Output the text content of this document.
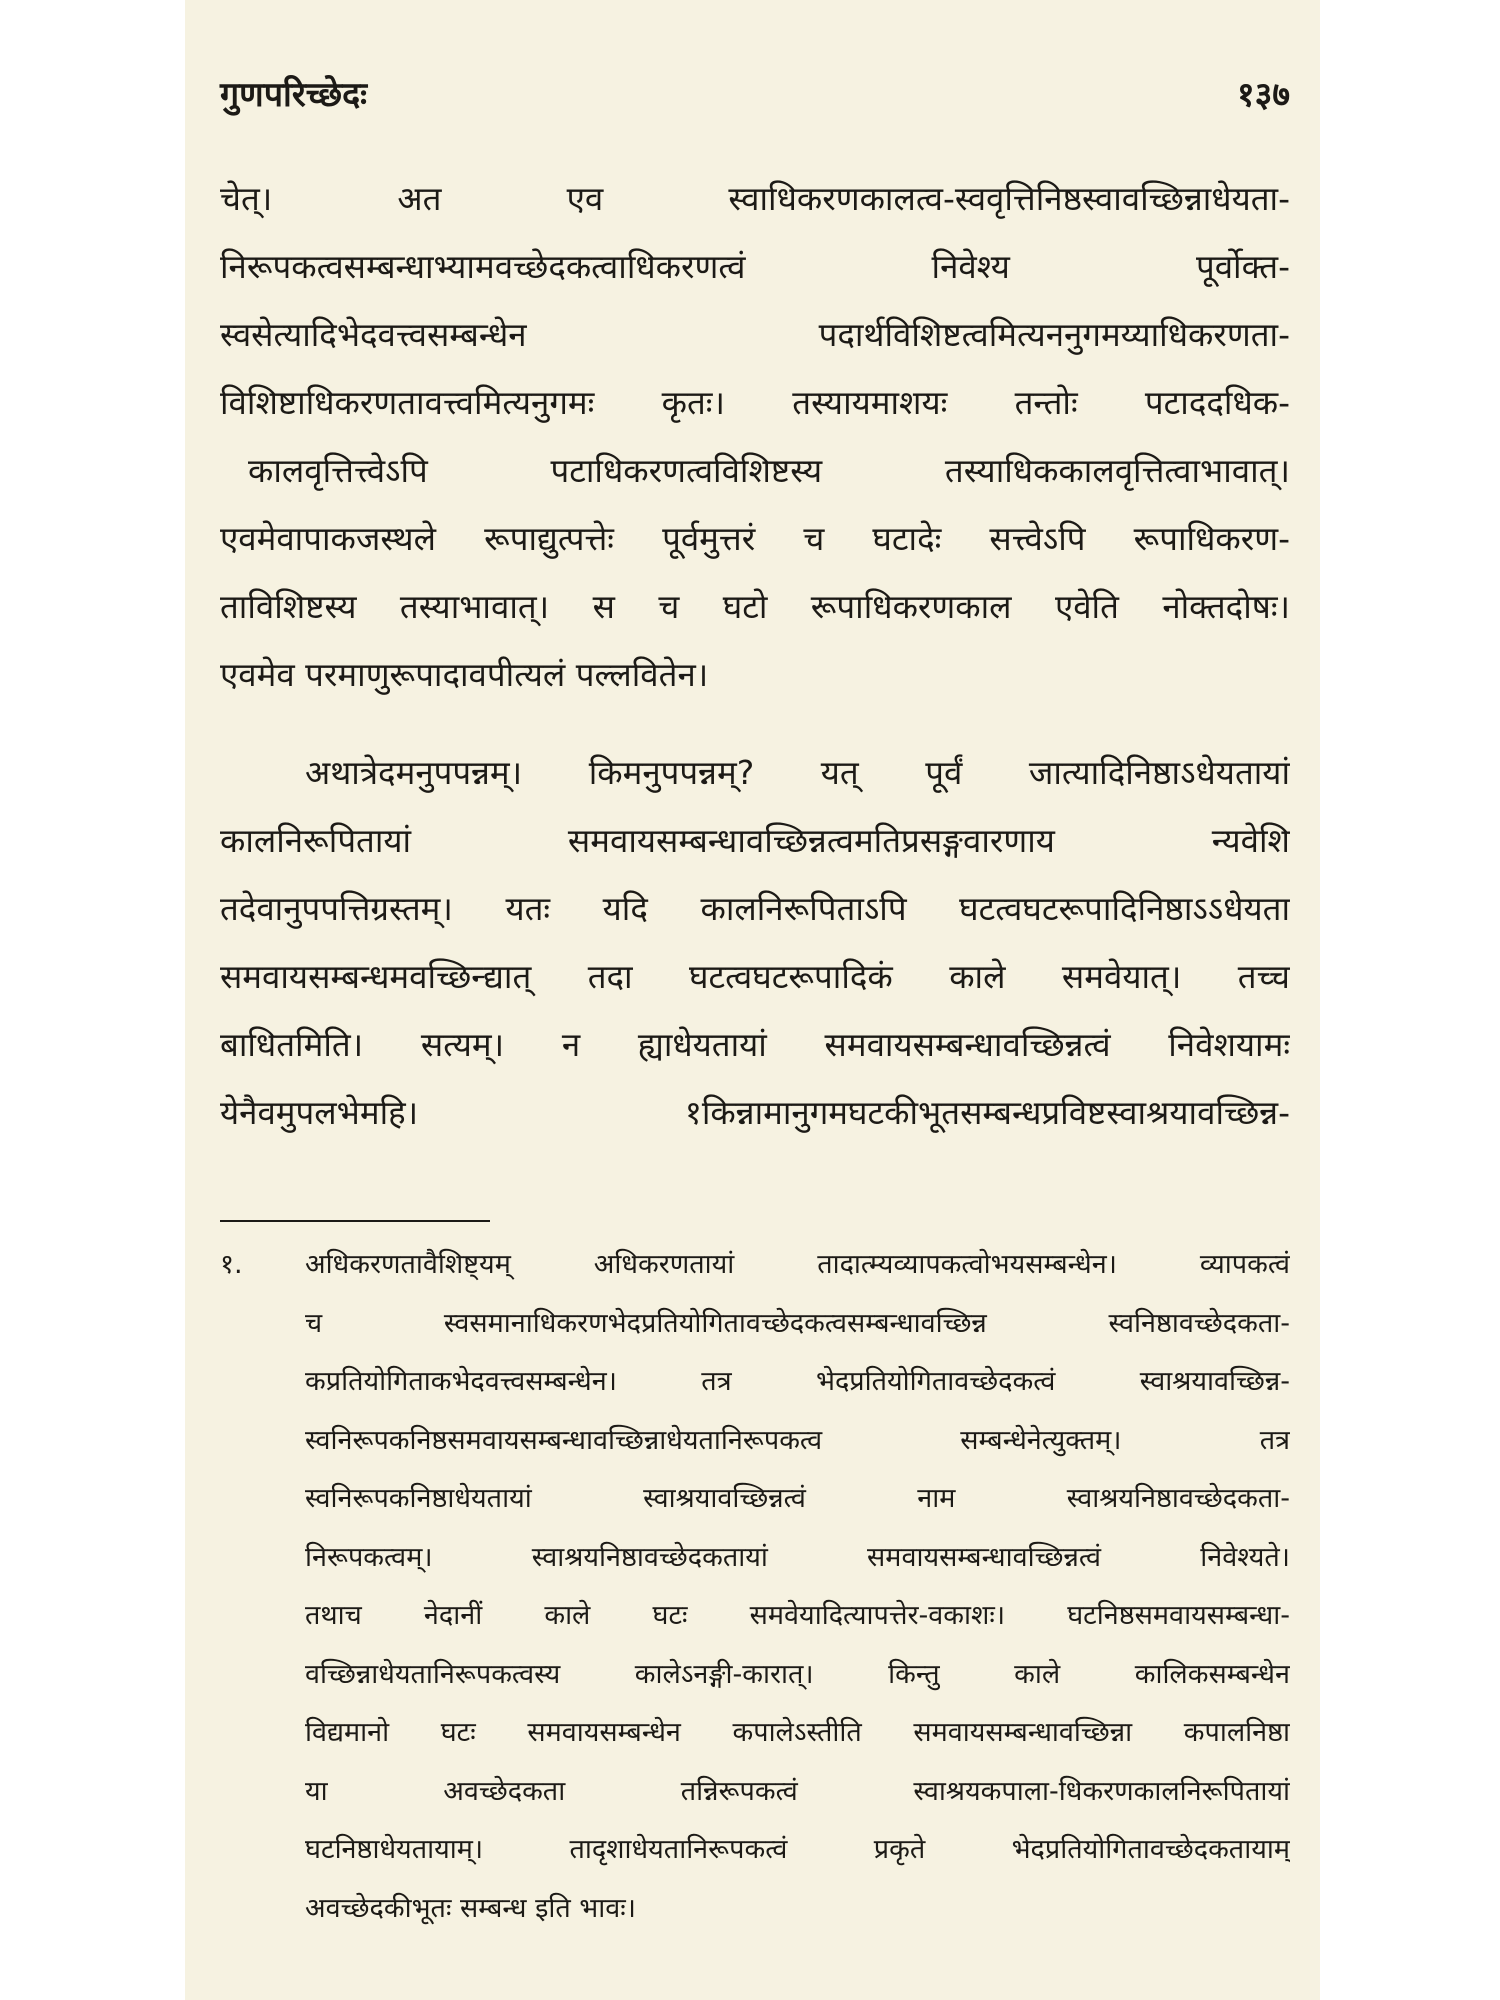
गुणपरिच्छेदः	१३७
चेत्। अत एव स्वाधिकरणकालत्व-स्ववृत्तिनिष्ठस्वावच्छिन्नाधेयता-
निरूपकत्वसम्बन्धाभ्यामवच्छेदकत्वाधिकरणत्वं निवेश्य पूर्वोक्त-
स्वसेत्यादिभेदवत्त्वसम्बन्धेन पदार्थविशिष्टत्वमित्यननुगमय्याधिकरणता-
विशिष्टाधिकरणतावत्त्वमित्यनुगमः कृतः। तस्यायमाशयः तन्तोः पटाददधिक-
कालवृत्तित्त्वेऽपि पटाधिकरणत्वविशिष्टस्य तस्याधिककालवृत्तित्वाभावात्।
एवमेवापाकजस्थले रूपाद्युत्पत्तेः पूर्वमुत्तरं च घटादेः सत्त्वेऽपि रूपाधिकरण-
ताविशिष्टस्य तस्याभावात्। स च घटो रूपाधिकरणकाल एवेति नोक्तदोषः।
एवमेव परमाणुरूपादावपीत्यलं पल्लवितेन।
अथात्रेदमनुपपन्नम्। किमनुपपन्नम्? यत् पूर्वं जात्यादिनिष्ठाऽधेयतायां
कालनिरूपितायां समवायसम्बन्धावच्छिन्नत्वमतिप्रसङ्गवारणाय न्यवेशि
तदेवानुपपत्तिग्रस्तम्। यतः यदि कालनिरूपिताऽपि घटत्वघटरूपादिनिष्ठाऽऽधेयता
समवायसम्बन्धमवच्छिन्द्यात् तदा घटत्वघटरूपादिकं काले समवेयात्। तच्च
बाधितमिति। सत्यम्। न ह्याधेयतायां समवायसम्बन्धावच्छिन्नत्वं निवेशयामः
येनैवमुपलभेमहि। १किन्नामानुगमघटकीभूतसम्बन्धप्रविष्टस्वाश्रयावच्छिन्न-
१.	अधिकरणतावैशिष्ट्यम् अधिकरणतायां तादात्म्यव्यापकत्वोभयसम्बन्धेन। व्यापकत्वं
च स्वसमानाधिकरणभेदप्रतियोगितावच्छेदकत्वसम्बन्धावच्छिन्न स्वनिष्ठावच्छेदकता-
कप्रतियोगिताकभेदवत्त्वसम्बन्धेन। तत्र भेदप्रतियोगितावच्छेदकत्वं स्वाश्रयावच्छिन्न-
स्वनिरूपकनिष्ठसमवायसम्बन्धावच्छिन्नाधेयतानिरूपकत्व सम्बन्धेनेत्युक्तम्। तत्र
स्वनिरूपकनिष्ठाधेयतायां स्वाश्रयावच्छिन्नत्वं नाम स्वाश्रयनिष्ठावच्छेदकता-
निरूपकत्वम्। स्वाश्रयनिष्ठावच्छेदकतायां समवायसम्बन्धावच्छिन्नत्वं निवेश्यते।
तथाच नेदानीं काले घटः समवेयादित्यापत्तेर-वकाशः। घटनिष्ठसमवायसम्बन्धा-
वच्छिन्नाधेयतानिरूपकत्वस्य कालेऽनङ्गी-कारात्। किन्तु काले कालिकसम्बन्धेन
विद्यमानो घटः समवायसम्बन्धेन कपालेऽस्तीति समवायसम्बन्धावच्छिन्ना कपालनिष्ठा
या अवच्छेदकता तन्निरूपकत्वं स्वाश्रयकपाला-धिकरणकालनिरूपितायां
घटनिष्ठाधेयतायाम्। तादृशाधेयतानिरूपकत्वं प्रकृते भेदप्रतियोगितावच्छेदकतायाम्
अवच्छेदकीभूतः सम्बन्ध इति भावः।
